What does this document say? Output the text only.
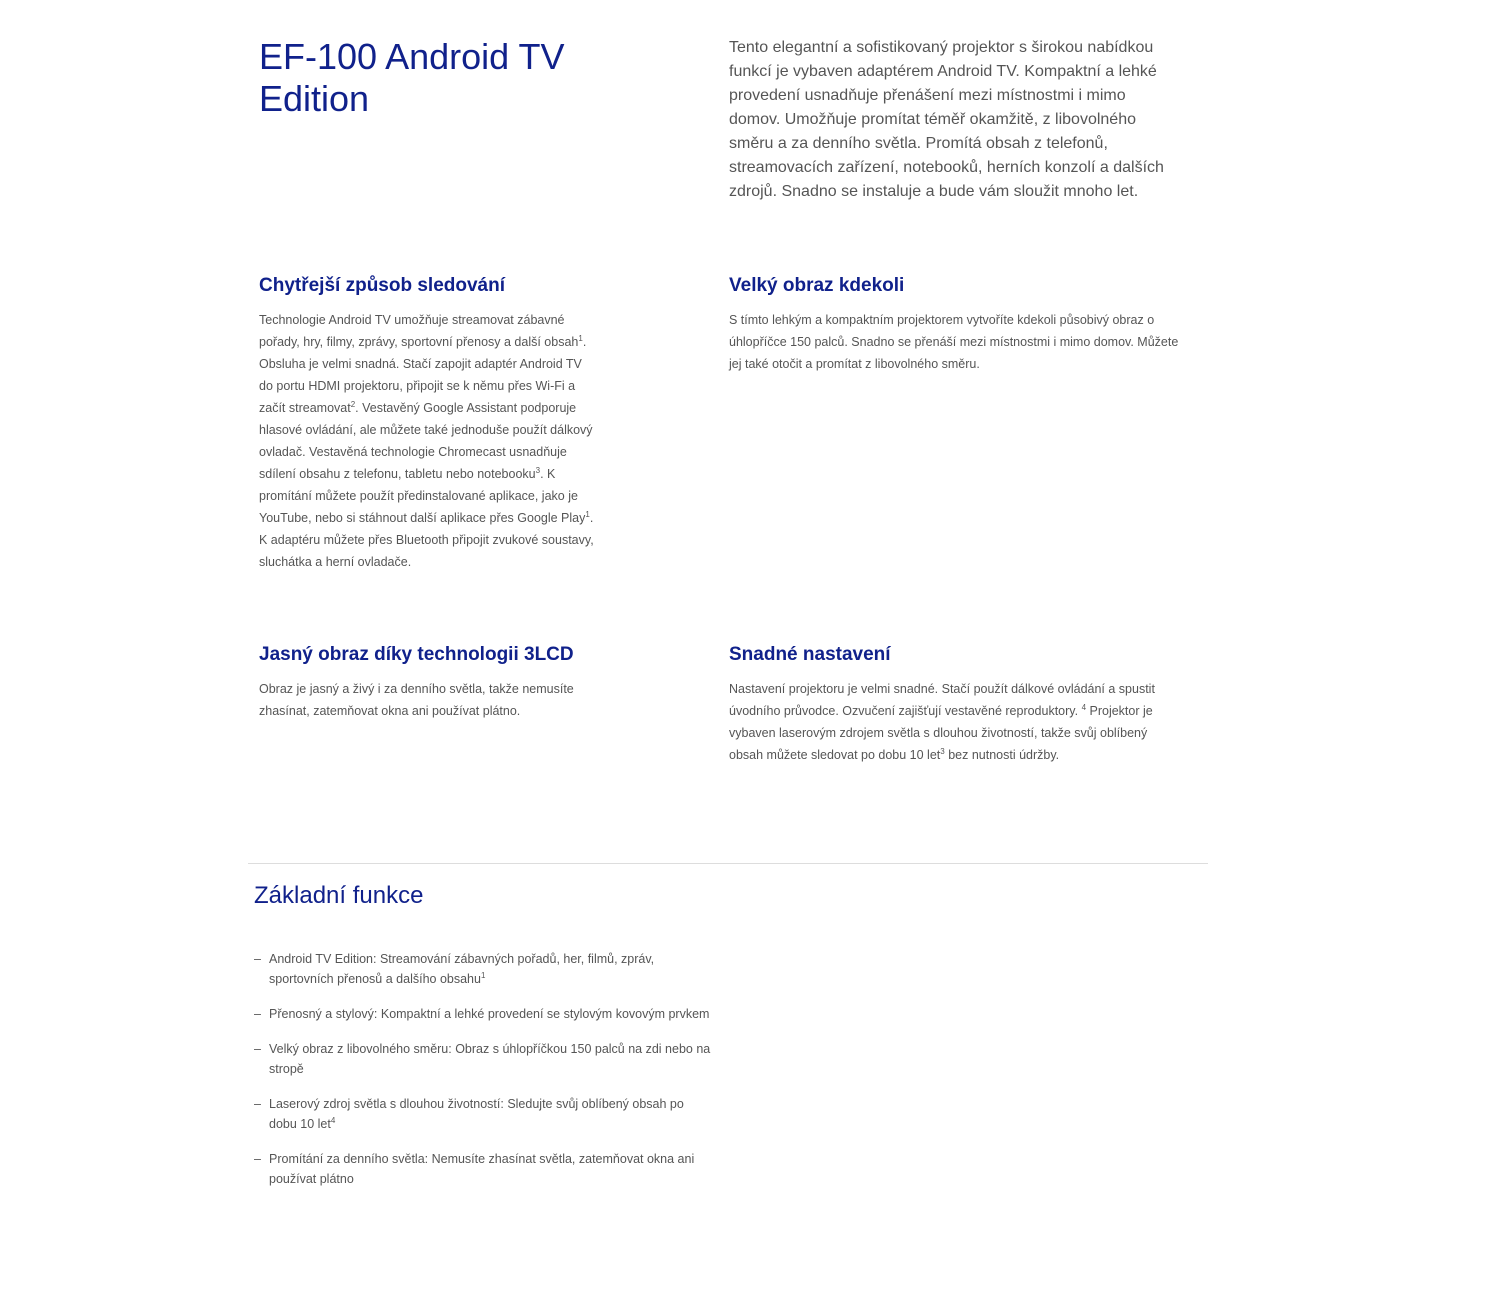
EF-100 Android TV Edition

Tento elegantní a sofistikovaný projektor s širokou nabídkou funkcí je vybaven adaptérem Android TV. Kompaktní a lehké provedení usnadňuje přenášení mezi místnostmi i mimo domov. Umožňuje promítat téměř okamžitě, z libovolného směru a za denního světla. Promítá obsah z telefonů, streamovacích zařízení, notebooků, herních konzolí a dalších zdrojů. Snadno se instaluje a bude vám sloužit mnoho let.

Chytřejší způsob sledování

Technologie Android TV umožňuje streamovat zábavné pořady, hry, filmy, zprávy, sportovní přenosy a další obsah$^1$. Obsluha je velmi snadná. Stačí zapojit adaptér Android TV do portu HDMI projektoru, připojit se k němu přes Wi-Fi a začít streamovat$^2$. Vestavěný Google Assistant podporuje hlasové ovládání, ale můžete také jednoduše použít dálkový ovladač. Vestavěná technologie Chromecast usnadňuje sdílení obsahu z telefonu, tabletu nebo notebooku$^3$. K promítání můžete použít předinstalované aplikace, jako je YouTube, nebo si stáhnout další aplikace přes Google Play$^1$. K adaptéru můžete přes Bluetooth připojit zvukové soustavy, sluchátka a herní ovladače.

Velký obraz kdekoli

S tímto lehkým a kompaktním projektorem vytvoříte kdekoli působivý obraz o úhlopříčce 150 palců. Snadno se přenáší mezi místnostmi i mimo domov. Můžete jej také otočit a promítat z libovolného směru.

Jasný obraz díky technologii 3LCD

Obraz je jasný a živý i za denního světla, takže nemusíte zhasínat, zatemňovat okna ani používat plátno.

Snadné nastavení

Nastavení projektoru je velmi snadné. Stačí použít dálkové ovládání a spustit úvodního průvodce. Ozvučení zajišťují vestavěné reproduktory. $^4$ Projektor je vybaven laserovým zdrojem světla s dlouhou životností, takže svůj oblíbený obsah můžete sledovat po dobu 10 let$^3$ bez nutnosti údržby.

Základní funkce
– Android TV Edition: Streamování zábavných pořadů, her, filmů, zpráv, sportovních přenosů a dalšího obsahu$^1$
– Přenosný a stylový: Kompaktní a lehké provedení se stylovým kovovým prvkem
– Velký obraz z libovolného směru: Obraz s úhlopříčkou 150 palců na zdi nebo na stropě
– Laserový zdroj světla s dlouhou životností: Sledujte svůj oblíbený obsah po dobu 10 let$^4$
– Promítání za denního světla: Nemusíte zhasínat světla, zatemňovat okna ani používat plátno
